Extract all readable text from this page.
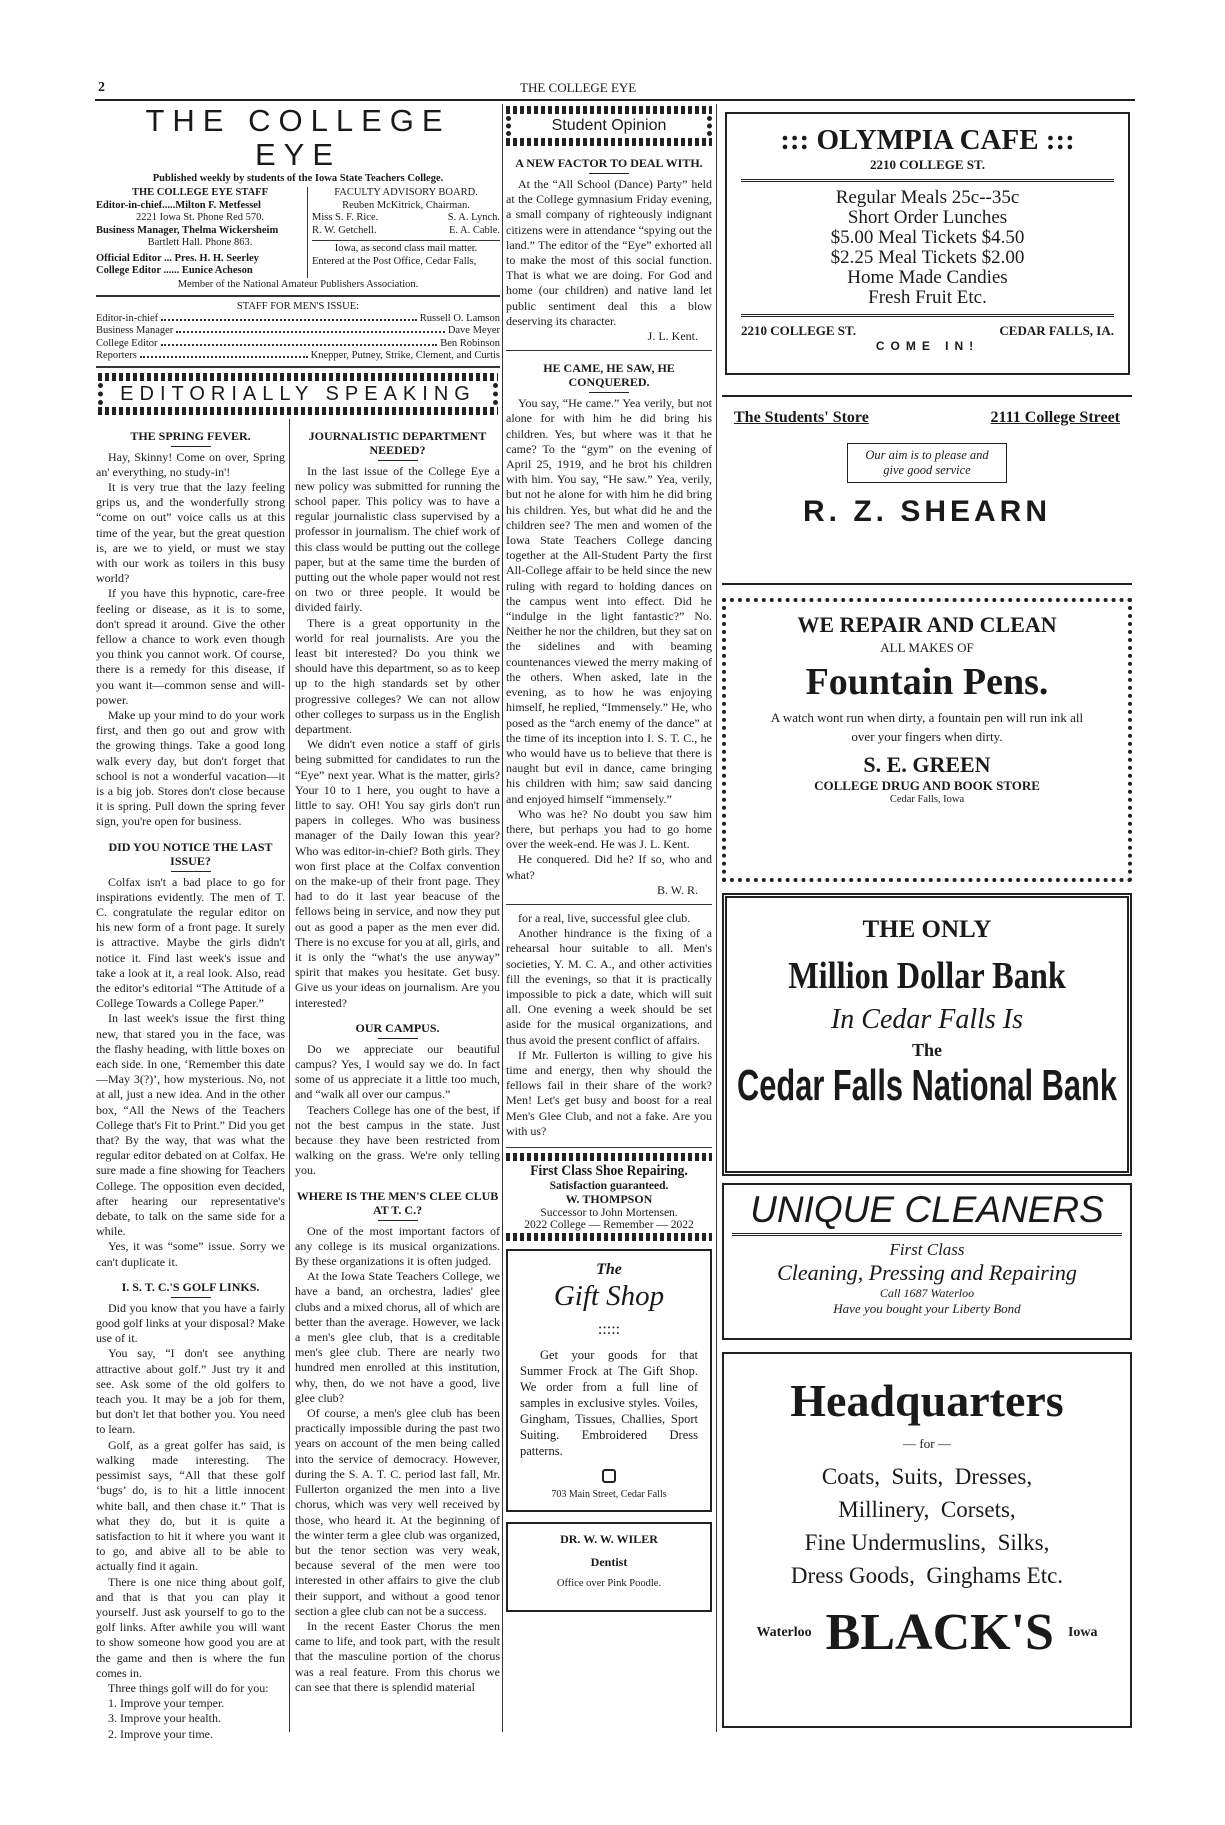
2	THE COLLEGE EYE
THE COLLEGE EYE
Published weekly by students of the Iowa State Teachers College.
THE COLLEGE EYE STAFF
Editor-in-chief.....Milton F. Metfessel
2221 Iowa St. Phone Red 570.
Business Manager, Thelma Wickersheim
Bartlett Hall. Phone 863.
Official Editor ... Pres. H. H. Seerley
College Editor ...... Eunice Acheson
FACULTY ADVISORY BOARD.
Reuben McKitrick, Chairman.
Miss S. F. Rice.	S. A. Lynch.
R. W. Getchell.	E. A. Cable.
Iowa, as second class mail matter.
Entered at the Post Office, Cedar Falls,
Member of the National Amateur Publishers Association.
STAFF FOR MEN'S ISSUE:
Editor-in-chief	Russell O. Lamson
Business Manager	Dave Meyer
College Editor	Ben Robinson
Reporters	Knepper, Putney, Strike, Clement, and Curtis
EDITORIALLY SPEAKING
THE SPRING FEVER.

Hay, Skinny! Come on over, Spring an' everything, no study-in'!

It is very true that the lazy feeling grips us, and the wonderfully strong “come on out” voice calls us at this time of the year, but the great question is, are we to yield, or must we stay with our work as toilers in this busy world?

If you have this hypnotic, care-free feeling or disease, as it is to some, don't spread it around. Give the other fellow a chance to work even though you think you cannot work. Of course, there is a remedy for this disease, if you want it—common sense and will-power.

Make up your mind to do your work first, and then go out and grow with the growing things. Take a good long walk every day, but don't forget that school is not a wonderful vacation—it is a big job. Stores don't close because it is spring. Pull down the spring fever sign, you're open for business.

DID YOU NOTICE THE LAST ISSUE?

Colfax isn't a bad place to go for inspirations evidently. The men of T. C. congratulate the regular editor on his new form of a front page. It surely is attractive. Maybe the girls didn't notice it. Find last week's issue and take a look at it, a real look. Also, read the editor's editorial “The Attitude of a College Towards a College Paper.”

In last week's issue the first thing new, that stared you in the face, was the flashy heading, with little boxes on each side. In one, ‘Remember this date—May 3(?)’, how mysterious. No, not at all, just a new idea. And in the other box, “All the News of the Teachers College that's Fit to Print.” Did you get that? By the way, that was what the regular editor debated on at Colfax. He sure made a fine showing for Teachers College. The opposition even decided, after hearing our representative's debate, to talk on the same side for a while.

Yes, it was “some” issue. Sorry we can't duplicate it.

I. S. T. C.'S GOLF LINKS.

Did you know that you have a fairly good golf links at your disposal? Make use of it.

You say, “I don't see anything attractive about golf.” Just try it and see. Ask some of the old golfers to teach you. It may be a job for them, but don't let that bother you. You need to learn.

Golf, as a great golfer has said, is walking made interesting. The pessimist says, “All that these golf ‘bugs’ do, is to hit a little innocent white ball, and then chase it.” That is what they do, but it is quite a satisfaction to hit it where you want it to go, and abive all to be able to actually find it again.

There is one nice thing about golf, and that is that you can play it yourself. Just ask yourself to go to the golf links. After awhile you will want to show someone how good you are at the game and then is where the fun comes in.

Three things golf will do for you:

1. Improve your temper.

3. Improve your health.

2. Improve your time.

JOURNALISTIC DEPARTMENT NEEDED?

In the last issue of the College Eye a new policy was submitted for running the school paper. This policy was to have a regular journalistic class supervised by a professor in journalism. The chief work of this class would be putting out the college paper, but at the same time the burden of putting out the whole paper would not rest on two or three people. It would be divided fairly.

There is a great opportunity in the world for real journalists. Are you the least bit interested? Do you think we should have this department, so as to keep up to the high standards set by other progressive colleges? We can not allow other colleges to surpass us in the English department.

We didn't even notice a staff of girls being submitted for candidates to run the “Eye” next year. What is the matter, girls? Your 10 to 1 here, you ought to have a little to say. OH! You say girls don't run papers in colleges. Who was business manager of the Daily Iowan this year? Who was editor-in-chief? Both girls. They won first place at the Colfax convention on the make-up of their front page. They had to do it last year beacuse of the fellows being in service, and now they put out as good a paper as the men ever did. There is no excuse for you at all, girls, and it is only the “what's the use anyway” spirit that makes you hesitate. Get busy. Give us your ideas on journalism. Are you interested?

OUR CAMPUS.

Do we appreciate our beautiful campus? Yes, I would say we do. In fact some of us appreciate it a little too much, and “walk all over our campus.”

Teachers College has one of the best, if not the best campus in the state. Just because they have been restricted from walking on the grass. We're only telling you.

WHERE IS THE MEN'S CLEE CLUB AT T. C.?

One of the most important factors of any college is its musical organizations. By these organizations it is often judged.

At the Iowa State Teachers College, we have a band, an orchestra, ladies' glee clubs and a mixed chorus, all of which are better than the average. However, we lack a men's glee club, that is a creditable men's glee club. There are nearly two hundred men enrolled at this institution, why, then, do we not have a good, live glee club?

Of course, a men's glee club has been practically impossible during the past two years on account of the men being called into the service of democracy. However, during the S. A. T. C. period last fall, Mr. Fullerton organized the men into a live chorus, which was very well received by those, who heard it. At the beginning of the winter term a glee club was organized, but the tenor section was very weak, because several of the men were too interested in other affairs to give the club their support, and without a good tenor section a glee club can not be a success.

In the recent Easter Chorus the men came to life, and took part, with the result that the masculine portion of the chorus was a real feature. From this chorus we can see that there is splendid material

Student Opinion
A NEW FACTOR TO DEAL WITH.

At the “All School (Dance) Party” held at the College gymnasium Friday evening, a small company of righteously indignant citizens were in attendance “spying out the land.” The editor of the “Eye” exhorted all to make the most of this social function. That is what we are doing. For God and home (our children) and native land let public sentiment deal this a blow deserving its character.

J. L. Kent.
HE CAME, HE SAW, HE CONQUERED.

You say, “He came.” Yea verily, but not alone for with him he did bring his children. Yes, but where was it that he came? To the “gym” on the evening of April 25, 1919, and he brot his children with him. You say, “He saw.” Yea, verily, but not he alone for with him he did bring his children. Yes, but what did he and the children see? The men and women of the Iowa State Teachers College dancing together at the All-Student Party the first All-College affair to be held since the new ruling with regard to holding dances on the campus went into effect. Did he “indulge in the light fantastic?” No. Neither he nor the children, but they sat on the sidelines and with beaming countenances viewed the merry making of the others. When asked, late in the evening, as to how he was enjoying himself, he replied, “Immensely.” He, who posed as the “arch enemy of the dance” at the time of its inception into I. S. T. C., he who would have us to believe that there is naught but evil in dance, came bringing his children with him; saw said dancing and enjoyed himself “immensely.”

Who was he? No doubt you saw him there, but perhaps you had to go home over the week-end. He was J. L. Kent.

He conquered. Did he? If so, who and what?

B. W. R.

for a real, live, successful glee club.

Another hindrance is the fixing of a rehearsal hour suitable to all. Men's societies, Y. M. C. A., and other activities fill the evenings, so that it is practically impossible to pick a date, which will suit all. One evening a week should be set aside for the musical organizations, and thus avoid the present conflict of affairs.

If Mr. Fullerton is willing to give his time and energy, then why should the fellows fail in their share of the work? Men! Let's get busy and boost for a real Men's Glee Club, and not a fake. Are you with us?

First Class Shoe Repairing.
Satisfaction guaranteed.
W. THOMPSON
Successor to John Mortensen.
2022 College — Remember — 2022
The
Gift Shop
:::::
Get your goods for that Summer Frock at The Gift Shop. We order from a full line of samples in exclusive styles. Voiles, Gingham, Tissues, Challies, Sport Suiting. Embroidered Dress patterns.
703 Main Street, Cedar Falls
DR. W. W. WILER
Dentist
Office over Pink Poodle.
::: OLYMPIA CAFE :::
2210 COLLEGE ST.
Regular Meals 25c--35c
Short Order Lunches
$5.00 Meal Tickets $4.50
$2.25 Meal Tickets $2.00
Home Made Candies
Fresh Fruit Etc.
2210 COLLEGE ST.	CEDAR FALLS, IA.
COME IN!
The Students' Store	2111 College Street
Our aim is to please and give good service
R. Z. SHEARN
WE REPAIR AND CLEAN
ALL MAKES OF
Fountain Pens.
A watch wont run when dirty, a fountain pen will run ink all over your fingers when dirty.
S. E. GREEN
COLLEGE DRUG AND BOOK STORE
Cedar Falls, Iowa
THE ONLY
Million Dollar Bank
In Cedar Falls Is
The
Cedar Falls National Bank
UNIQUE CLEANERS
First Class
Cleaning, Pressing and Repairing
Call 1687 Waterloo
Have you bought your Liberty Bond
Headquarters
— for —
Coats,  Suits,  Dresses,
Millinery,  Corsets,
Fine Undermuslins,  Silks,
Dress Goods,  Ginghams Etc.
Waterloo BLACK'S Iowa
